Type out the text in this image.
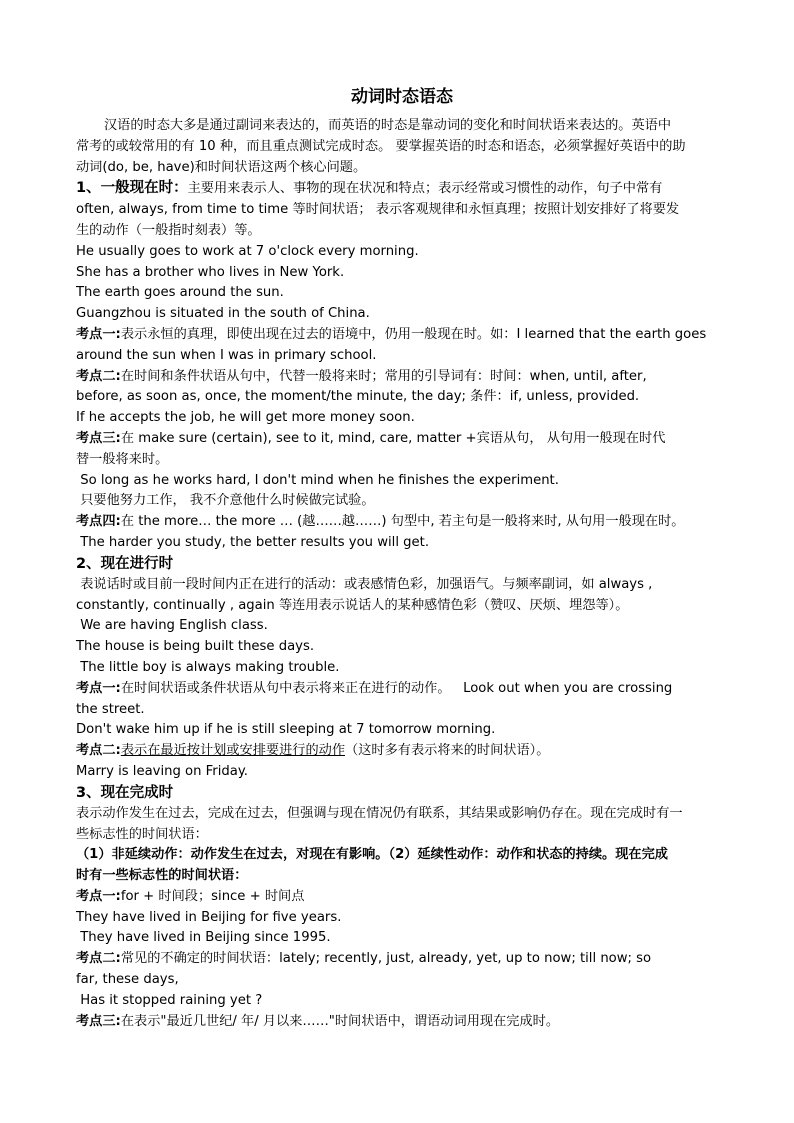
动词时态语态
汉语的时态大多是通过副词来表达的，而英语的时态是靠动词的变化和时间状语来表达的。英语中
常考的或较常用的有 10 种，而且重点测试完成时态。 要掌握英语的时态和语态，必须掌握好英语中的助
动词(do, be, have)和时间状语这两个核心问题。
1、一般现在时：主要用来表示人、事物的现在状况和特点；表示经常或习惯性的动作，句子中常有
often, always, from time to time 等时间状语； 表示客观规律和永恒真理；按照计划安排好了将要发
生的动作（一般指时刻表）等。
He usually goes to work at 7 o'clock every morning.
She has a brother who lives in New York.
The earth goes around the sun.
Guangzhou is situated in the south of China.
考点一:表示永恒的真理，即使出现在过去的语境中，仍用一般现在时。如：I learned that the earth goes
around the sun when I was in primary school.
考点二:在时间和条件状语从句中，代替一般将来时；常用的引导词有：时间：when, until, after,
before, as soon as, once, the moment/the minute, the day; 条件：if, unless, provided.
If he accepts the job, he will get more money soon.
考点三:在 make sure (certain), see to it, mind, care, matter +宾语从句， 从句用一般现在时代
替一般将来时。
So long as he works hard, I don't mind when he finishes the experiment.
只要他努力工作， 我不介意他什么时候做完试验。
考点四:在 the more… the more … (越……越……) 句型中, 若主句是一般将来时, 从句用一般现在时。
The harder you study, the better results you will get.
2、现在进行时
表说话时或目前一段时间内正在进行的活动：或表感情色彩，加强语气。与频率副词，如 always ,
constantly, continually , again 等连用表示说话人的某种感情色彩（赞叹、厌烦、埋怨等）。
We are having English class.
The house is being built these days.
The little boy is always making trouble.
考点一:在时间状语或条件状语从句中表示将来正在进行的动作。   Look out when you are crossing
the street.
Don't wake him up if he is still sleeping at 7 tomorrow morning.
考点二:表示在最近按计划或安排要进行的动作（这时多有表示将来的时间状语）。
Marry is leaving on Friday.
3、现在完成时
表示动作发生在过去，完成在过去，但强调与现在情况仍有联系，其结果或影响仍存在。现在完成时有一
些标志性的时间状语：
（1）非延续动作：动作发生在过去，对现在有影响。（2）延续性动作：动作和状态的持续。现在完成
时有一些标志性的时间状语：
考点一:for + 时间段；since + 时间点
They have lived in Beijing for five years.
They have lived in Beijing since 1995.
考点二:常见的不确定的时间状语：lately; recently, just, already, yet, up to now; till now; so
far, these days,
Has it stopped raining yet ?
考点三:在表示"最近几世纪/ 年/ 月以来……"时间状语中，谓语动词用现在完成时。
